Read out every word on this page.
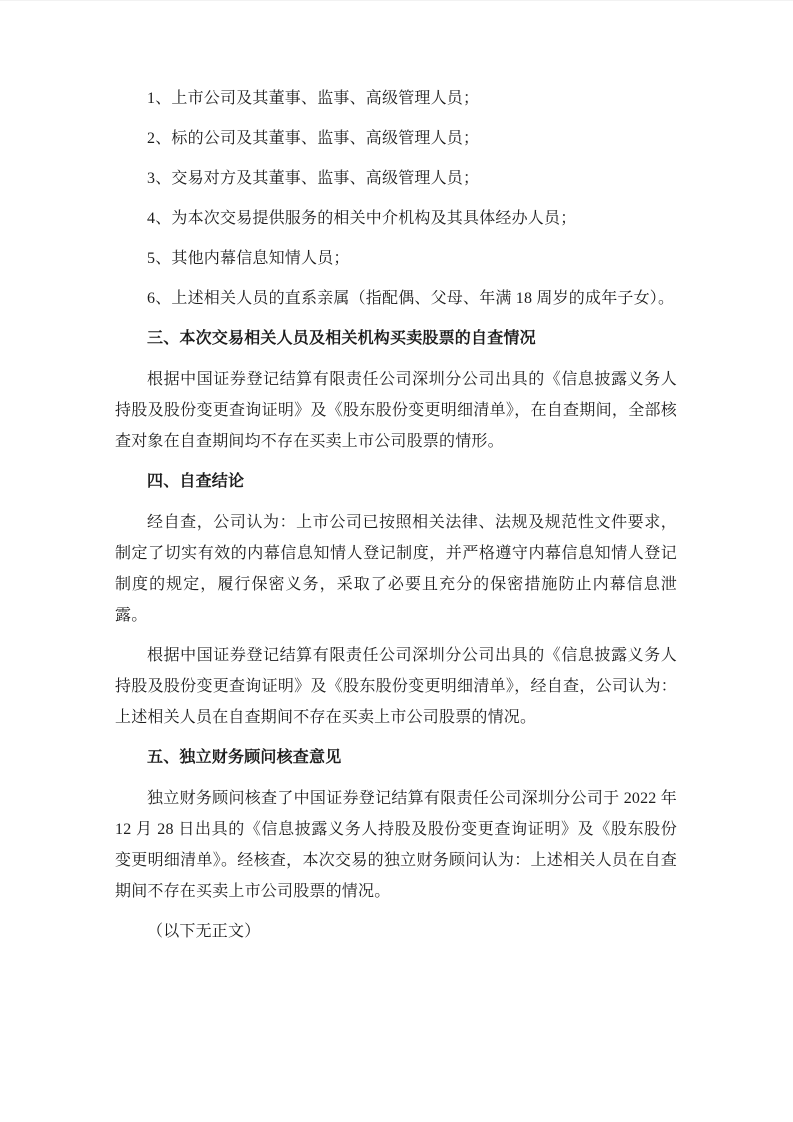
1、上市公司及其董事、监事、高级管理人员；

2、标的公司及其董事、监事、高级管理人员；

3、交易对方及其董事、监事、高级管理人员；

4、为本次交易提供服务的相关中介机构及其具体经办人员；

5、其他内幕信息知情人员；

6、上述相关人员的直系亲属（指配偶、父母、年满 18 周岁的成年子女）。

三、本次交易相关人员及相关机构买卖股票的自查情况

根据中国证券登记结算有限责任公司深圳分公司出具的《信息披露义务人持股及股份变更查询证明》及《股东股份变更明细清单》，在自查期间，全部核查对象在自查期间均不存在买卖上市公司股票的情形。

四、自查结论

经自查，公司认为：上市公司已按照相关法律、法规及规范性文件要求，制定了切实有效的内幕信息知情人登记制度，并严格遵守内幕信息知情人登记制度的规定，履行保密义务，采取了必要且充分的保密措施防止内幕信息泄露。

根据中国证券登记结算有限责任公司深圳分公司出具的《信息披露义务人持股及股份变更查询证明》及《股东股份变更明细清单》，经自查，公司认为：上述相关人员在自查期间不存在买卖上市公司股票的情况。

五、独立财务顾问核查意见

独立财务顾问核查了中国证券登记结算有限责任公司深圳分公司于 2022 年 12 月 28 日出具的《信息披露义务人持股及股份变更查询证明》及《股东股份变更明细清单》。经核查，本次交易的独立财务顾问认为：上述相关人员在自查期间不存在买卖上市公司股票的情况。

（以下无正文）
